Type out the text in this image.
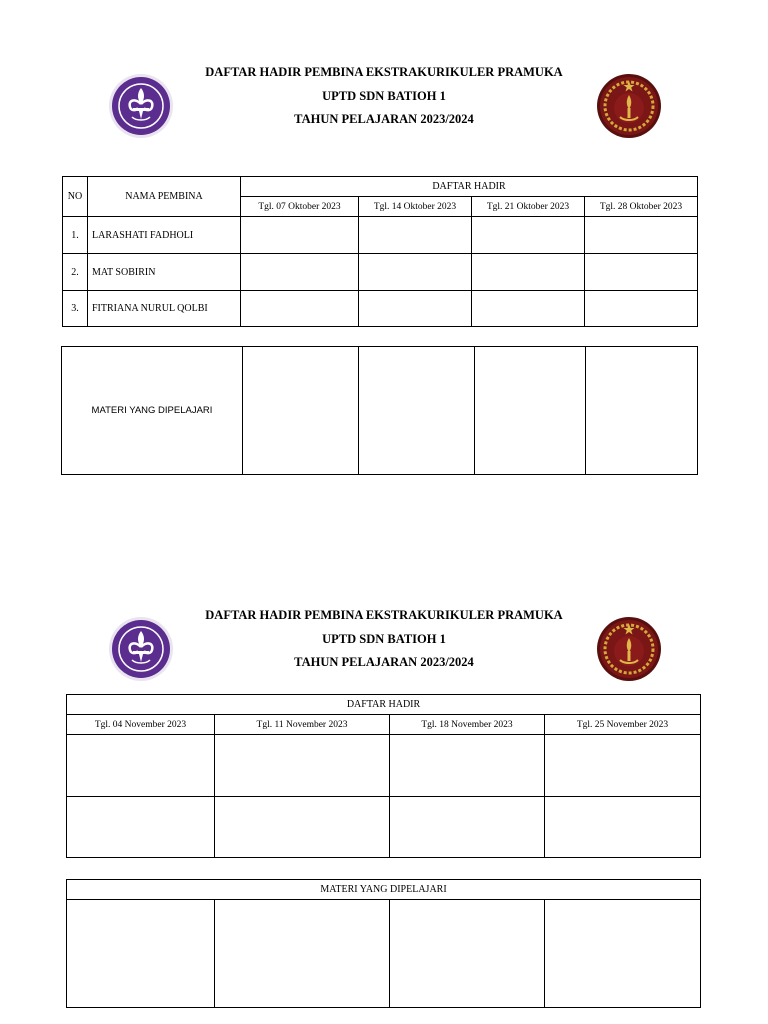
DAFTAR HADIR PEMBINA EKSTRAKURIKULER PRAMUKA
UPTD SDN BATIOH 1
TAHUN PELAJARAN 2023/2024
NO	NAMA PEMBINA	DAFTAR HADIR			
		Tgl. 07 Oktober 2023	Tgl. 14 Oktober 2023	Tgl. 21 Oktober 2023	Tgl. 28 Oktober 2023
1.	LARASHATI FADHOLI				
2.	MAT SOBIRIN				
3.	FITRIANA NURUL QOLBI				
MATERI YANG DIPELAJARI				
DAFTAR HADIR PEMBINA EKSTRAKURIKULER PRAMUKA
UPTD SDN BATIOH 1
TAHUN PELAJARAN 2023/2024
DAFTAR HADIR			
Tgl. 04 November 2023	Tgl. 11 November 2023	Tgl. 18 November 2023	Tgl. 25 November 2023

MATERI YANG DIPELAJARI
